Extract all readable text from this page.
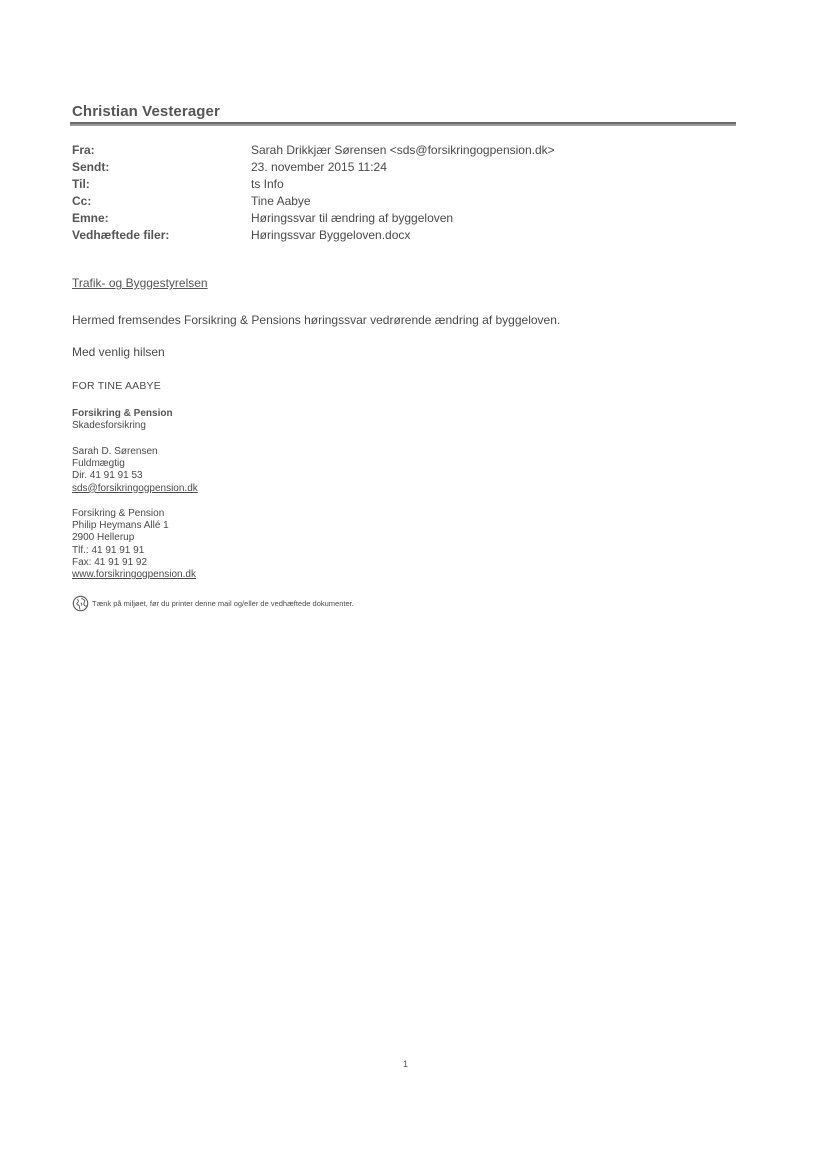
Christian Vesterager
Fra:	Sarah Drikkjær Sørensen <sds@forsikringogpension.dk>
Sendt:	23. november 2015 11:24
Til:	ts Info
Cc:	Tine Aabye
Emne:	Høringssvar til ændring af byggeloven
Vedhæftede filer:	Høringssvar Byggeloven.docx
Trafik- og Byggestyrelsen
Hermed fremsendes Forsikring & Pensions høringssvar vedrørende ændring af byggeloven.
Med venlig hilsen
FOR TINE AABYE
Forsikring & Pension
Skadesforsikring
Sarah D. Sørensen
Fuldmægtig
Dir. 41 91 91 53
sds@forsikringogpension.dk
Forsikring & Pension
Philip Heymans Allé 1
2900 Hellerup
Tlf.: 41 91 91 91
Fax: 41 91 91 92
www.forsikringogpension.dk
Tænk på miljøet, før du printer denne mail og/eller de vedhæftede dokumenter.
1
